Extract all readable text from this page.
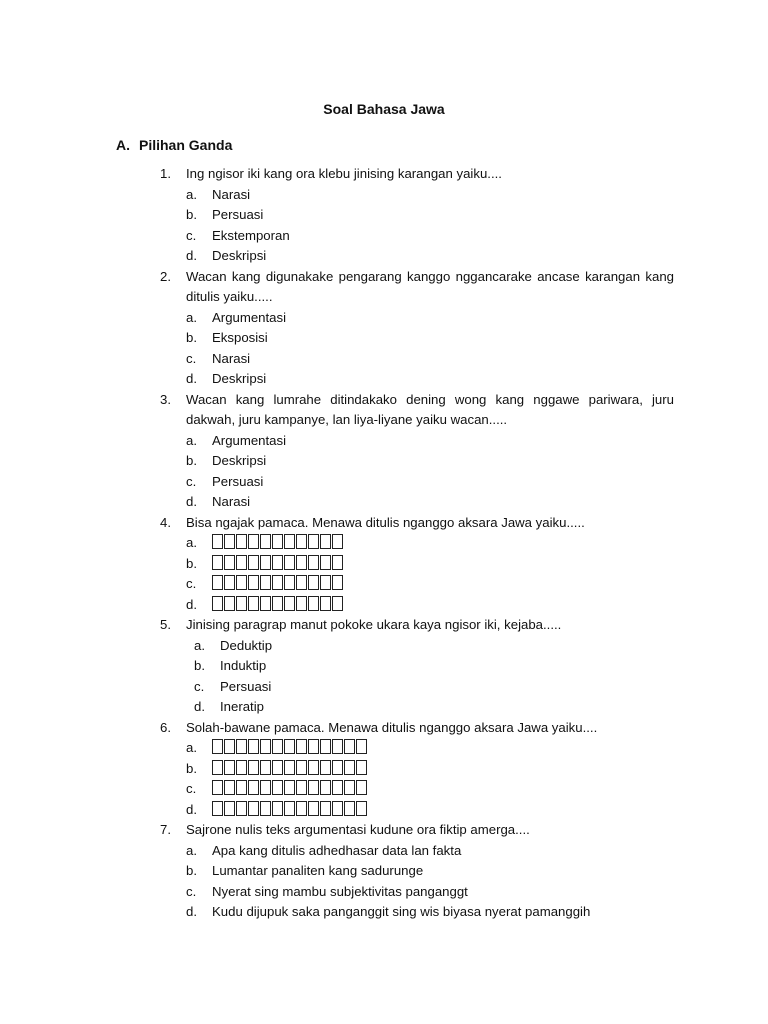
Soal Bahasa Jawa
A. Pilihan Ganda
1.	Ing ngisor iki kang ora klebu jinising karangan yaiku....
a.	Narasi
b.	Persuasi
c.	Ekstemporan
d.	Deskripsi
2.	Wacan kang digunakake pengarang kanggo nggancarake ancase karangan kang ditulis yaiku.....
a.	Argumentasi
b.	Eksposisi
c.	Narasi
d.	Deskripsi
3.	Wacan kang lumrahe ditindakako dening wong kang nggawe pariwara, juru dakwah, juru kampanye, lan liya-liyane yaiku wacan.....
a.	Argumentasi
b.	Deskripsi
c.	Persuasi
d.	Narasi
4.	Bisa ngajak pamaca. Menawa ditulis nganggo aksara Jawa yaiku.....
a.
b.
c.
d.
5.	Jinising paragrap manut pokoke ukara kaya ngisor iki, kejaba.....
a.	Deduktip
b.	Induktip
c.	Persuasi
d.	Ineratip
6.	Solah-bawane pamaca. Menawa ditulis nganggo aksara Jawa yaiku....
a.
b.
c.
d.
7.	Sajrone nulis teks argumentasi kudune ora fiktip amerga....
a.	Apa kang ditulis adhedhasar data lan fakta
b.	Lumantar panaliten kang sadurunge
c.	Nyerat sing mambu subjektivitas panganggt
d.	Kudu dijupuk saka panganggit sing wis biyasa nyerat pamanggih
